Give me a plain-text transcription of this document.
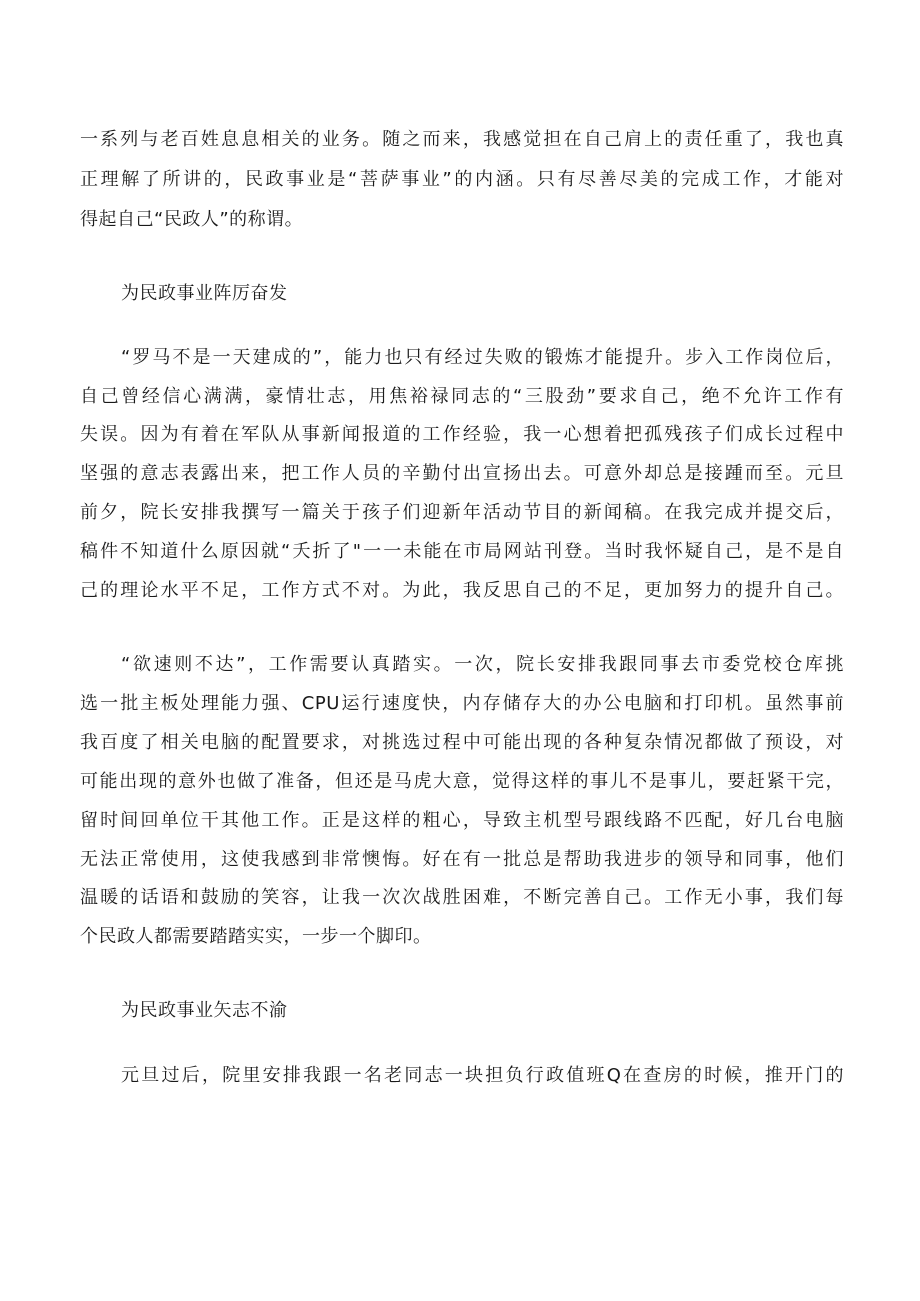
一系列与老百姓息息相关的业务。随之而来，我感觉担在自己肩上的责任重了，我也真
正理解了所讲的，民政事业是“菩萨事业”的内涵。只有尽善尽美的完成工作，才能对
得起自己“民政人”的称谓。
为民政事业阵厉奋发
“罗马不是一天建成的”，能力也只有经过失败的锻炼才能提升。步入工作岗位后，
自己曾经信心满满，豪情壮志，用焦裕禄同志的“三股劲”要求自己，绝不允许工作有
失误。因为有着在军队从事新闻报道的工作经验，我一心想着把孤残孩子们成长过程中
坚强的意志表露出来，把工作人员的辛勤付出宣扬出去。可意外却总是接踵而至。元旦
前夕，院长安排我撰写一篇关于孩子们迎新年活动节目的新闻稿。在我完成并提交后，
稿件不知道什么原因就“夭折了"一一未能在市局网站刊登。当时我怀疑自己，是不是自
己的理论水平不足，工作方式不对。为此，我反思自己的不足，更加努力的提升自己。
“欲速则不达”，工作需要认真踏实。一次，院长安排我跟同事去市委党校仓库挑
选一批主板处理能力强、CPU运行速度快，内存储存大的办公电脑和打印机。虽然事前
我百度了相关电脑的配置要求，对挑选过程中可能出现的各种复杂情况都做了预设，对
可能出现的意外也做了准备，但还是马虎大意，觉得这样的事儿不是事儿，要赶紧干完，
留时间回单位干其他工作。正是这样的粗心，导致主机型号跟线路不匹配，好几台电脑
无法正常使用，这使我感到非常懊悔。好在有一批总是帮助我进步的领导和同事，他们
温暖的话语和鼓励的笑容，让我一次次战胜困难，不断完善自己。工作无小事，我们每
个民政人都需要踏踏实实，一步一个脚印。
为民政事业矢志不渝
元旦过后，院里安排我跟一名老同志一块担负行政值班Q在查房的时候，推开门的
